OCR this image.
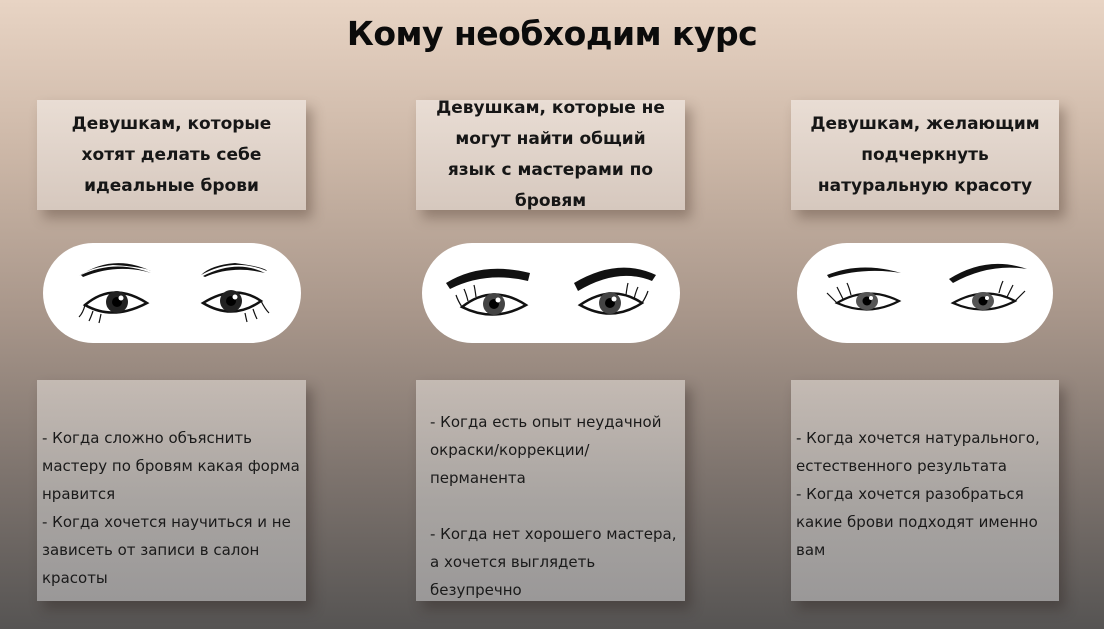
Кому необходим курс
Девушкам, которые хотят делать себе идеальные брови

- Когда сложно объяснить мастеру по бровям какая форма нравится
- Когда хочется научиться и не зависеть от записи в салон красоты

Девушкам, которые не могут найти общий язык с мастерами по бровям

- Когда есть опыт неудачной окраски/коррекции/ перманента

- Когда нет хорошего мастера, а хочется выглядеть безупречно

Девушкам, желающим подчеркнуть натуральную красоту

- Когда хочется натурального, естественного результата
- Когда хочется разобраться какие брови подходят именно вам
